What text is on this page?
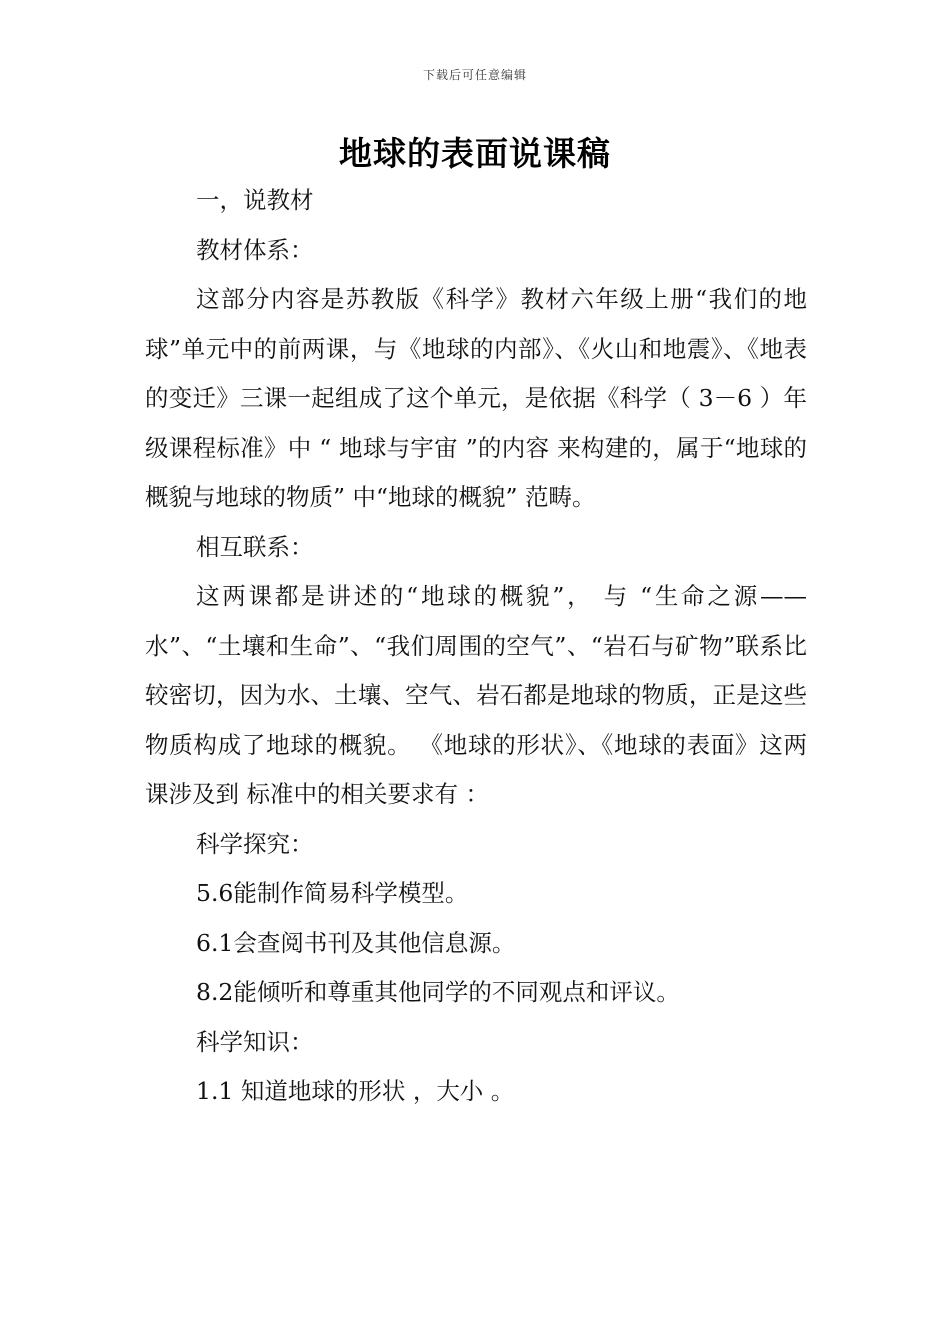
下载后可任意编辑
地球的表面说课稿

一，说教材

教材体系：

这部分内容是苏教版《科学》教材六年级上册“我们的地球”单元中的前两课，与《地球的内部》、《火山和地震》、《地表的变迁》三课一起组成了这个单元，是依据《科学（ 3－6 ）年级课程标准》中 “ 地球与宇宙 ”的内容 来构建的，属于“地球的概貌与地球的物质” 中“地球的概貌” 范畴。

相互联系：

这两课都是讲述的“地球的概貌”， 与 “生命之源——水”、“土壤和生命”、“我们周围的空气”、“岩石与矿物”联系比较密切，因为水、土壤、空气、岩石都是地球的物质，正是这些物质构成了地球的概貌。 《地球的形状》、《地球的表面》这两 课涉及到 标准中的相关要求有 ：

科学探究：

5.6能制作简易科学模型。

6.1会查阅书刊及其他信息源。

8.2能倾听和尊重其他同学的不同观点和评议。

科学知识：

1.1 知道地球的形状 ，大小 。
